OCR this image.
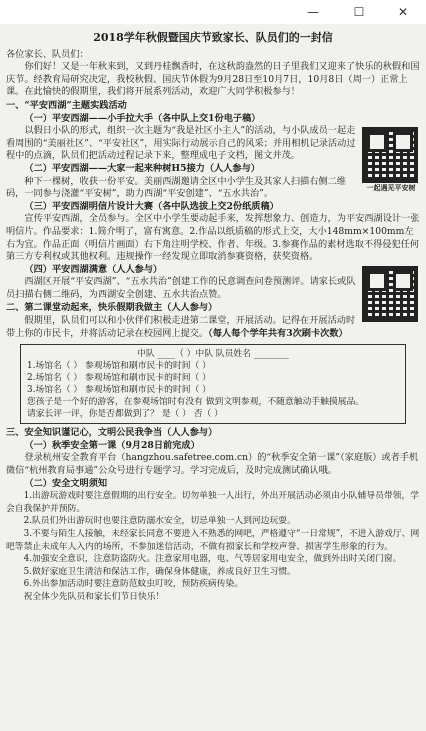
—	☐	✕

2018学年秋假暨国庆节致家长、队员们的一封信

各位家长、队员们：

你们好！又是一年秋来到，又到丹桂飘香时，在这秋韵盎然的日子里我们又迎来了快乐的秋假和国庆节。经教育局研究决定，我校秋假、国庆节休假为9月28日至10月7日，10月8日（周一）正常上课。在此愉快的假期里，我们将开展系列活动，欢迎广大同学积极参与！

一、“平安西湖”主题实践活动

（一）平安西湖——小手拉大手（各中队上交1份电子稿）

一起遇见平安树

以假日小队的形式，组织一次主题为“我是社区小主人”的活动，与小队成员一起走看周围的“美丽社区”、“平安社区”，用实际行动展示自己的风采；并用相机记录活动过程中的点滴，队员们把活动过程记录下来，整理成电子文档，图文并茂。

（二）平安西湖——大家一起来种树H5接力（人人参与）

种下一棵树，收获一份平安。美丽西湖邀请全区中小学生及其家人扫描右侧二维码，一同参与浇灌“平安树”，助力西湖“平安创建”、“五水共治”。

（三）平安西湖明信片设计大赛（各中队选拔上交2份纸质稿）

宣传平安西湖，全员参与。全区中小学生要动起手来，发挥想象力、创造力，为平安西湖设计一张明信片。作品要求：1.简介明了，富有寓意。2.作品以纸质稿的形式上交，大小148mm×100mm左右为宜。作品正面（明信片画面）右下角注明学校、作者、年级。3.参赛作品的素材选取不得侵犯任何第三方专利权或其他权利。违规操作一经发现立即取消参赛资格，获奖资格。

（四）平安西湖满意（人人参与）

西湖区开展“平安西湖”、“五水共治”创建工作的民意调查问卷预测评。请家长或队员扫描右侧二维码，为西湖安全创建、五水共治点赞。

二、第二课堂动起来，快乐假期我做主（人人参与）

假期里，队员们可以和小伙伴们积极走进第二课堂，开展活动。记得在开展活动时带上你的市民卡，并将活动记录在校园网上提交。（每人每个学年共有3次刷卡次数）

中队 ____（ ）中队 队员姓名 ________

1.场馆名（ ） 参观场馆和刷市民卡的时间（ ）

2.场馆名（ ） 参观场馆和刷市民卡的时间（ ）

3.场馆名（ ） 参观场馆和刷市民卡的时间（ ）

您孩子是一个好的游客，在参观场馆时有没有 做到文明参观，不随意触动手触摸展品。

请家长评一评，你是否都做到了？ 是（ ） 否（ ）

三、安全知识谨记心，文明公民我争当（人人参与）

（一）秋季安全第一课（9月28日前完成）

登录杭州安全教育平台（hangzhou.safetree.com.cn）的“秋季安全第一课”（家庭版）或者手机微信“杭州教育局事通”公众号进行专题学习。学习完成后，及时完成测试确认哦。

（二）安全文明须知

1.出游玩游戏时要注意假期的出行安全。切勿单独一人出行，外出开展活动必须由小队辅导员带领，学会自我保护并预防。

2.队员们外出游玩时也要注意防溺水安全，切忌单独一人到河边玩耍。

3.不要与陌生人接触，未经家长同意不要进入不熟悉的网吧，严格遵守“一日常规”，不进入游戏厅、网吧等禁止未成年人入内的场所，不参加迷信活动，不做有损家长和学校声誉、损害学生形象的行为。

4.加强安全意识，注意防盗防火。注意家用电器，电、气等居家用电安全，做到外出时关闭门窗。

5.做好家庭卫生清洁和保洁工作，确保身体健康，养成良好卫生习惯。

6.外出参加活动时要注意防范蚊虫叮咬，预防疾病传染。

祝全体少先队员和家长们节日快乐！
